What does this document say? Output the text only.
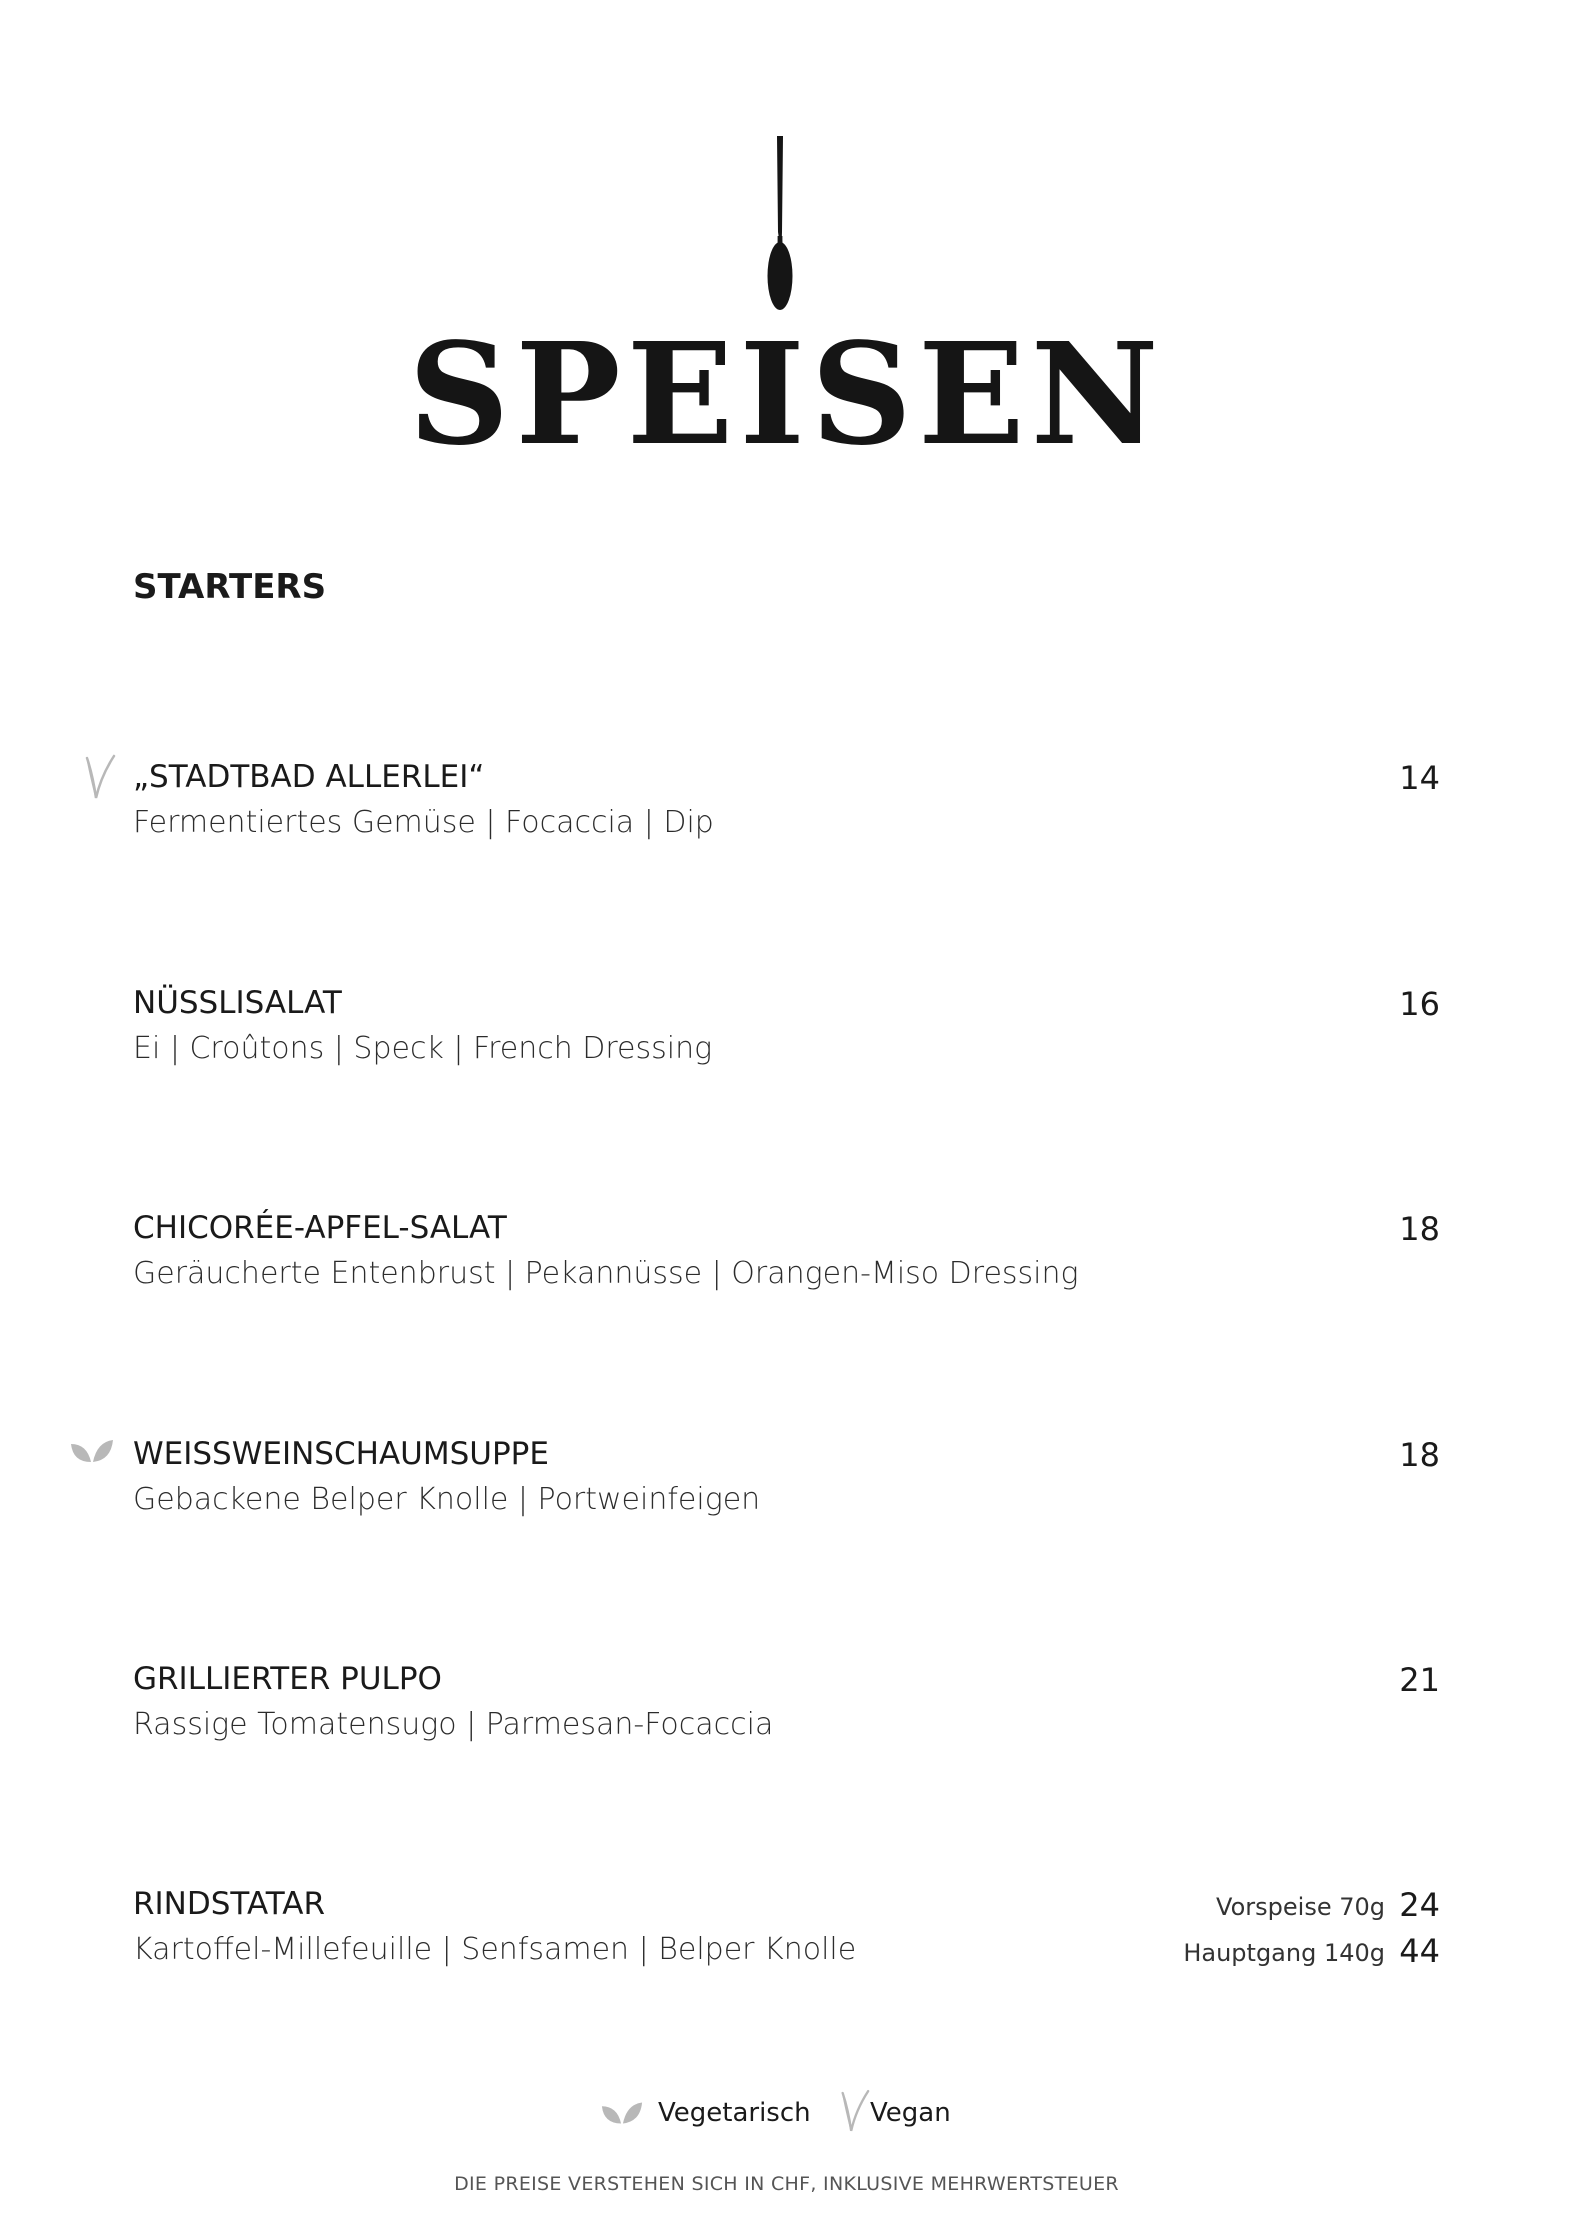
SPEISEN
STARTERS
„STADTBAD ALLERLEI“
Fermentiertes Gemüse | Focaccia | Dip
14
NÜSSLISALAT
Ei | Croûtons | Speck | French Dressing
16
CHICORÉE-APFEL-SALAT
Geräucherte Entenbrust | Pekannüsse | Orangen-Miso Dressing
18
WEISSWEINSCHAUMSUPPE
Gebackene Belper Knolle | Portweinfeigen
18
GRILLIERTER PULPO
Rassige Tomatensugo | Parmesan-Focaccia
21
RINDSTATAR
Kartoffel-Millefeuille | Senfsamen | Belper Knolle
Vorspeise 70g 24
Hauptgang 140g 44
Vegetarisch Vegan
DIE PREISE VERSTEHEN SICH IN CHF, INKLUSIVE MEHRWERTSTEUER
